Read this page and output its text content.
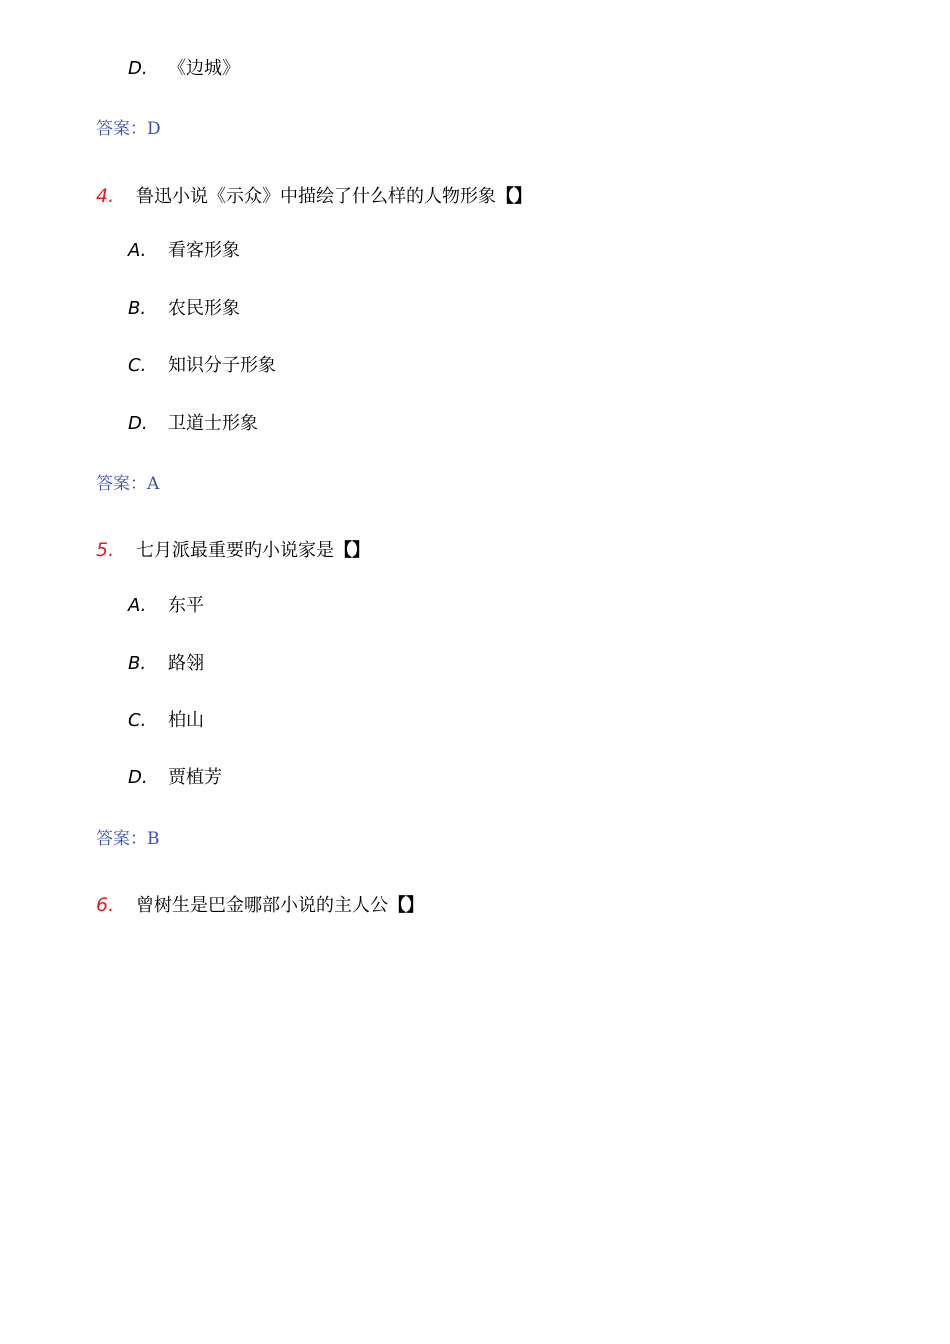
D. 《边城》
答案：D
4. 鲁迅小说《示众》中描绘了什么样的人物形象【】
A. 看客形象
B. 农民形象
C. 知识分子形象
D. 卫道士形象
答案：A
5. 七月派最重要旳小说家是【】
A. 东平
B. 路翎
C. 柏山
D. 贾植芳
答案：B
6. 曾树生是巴金哪部小说的主人公【】
